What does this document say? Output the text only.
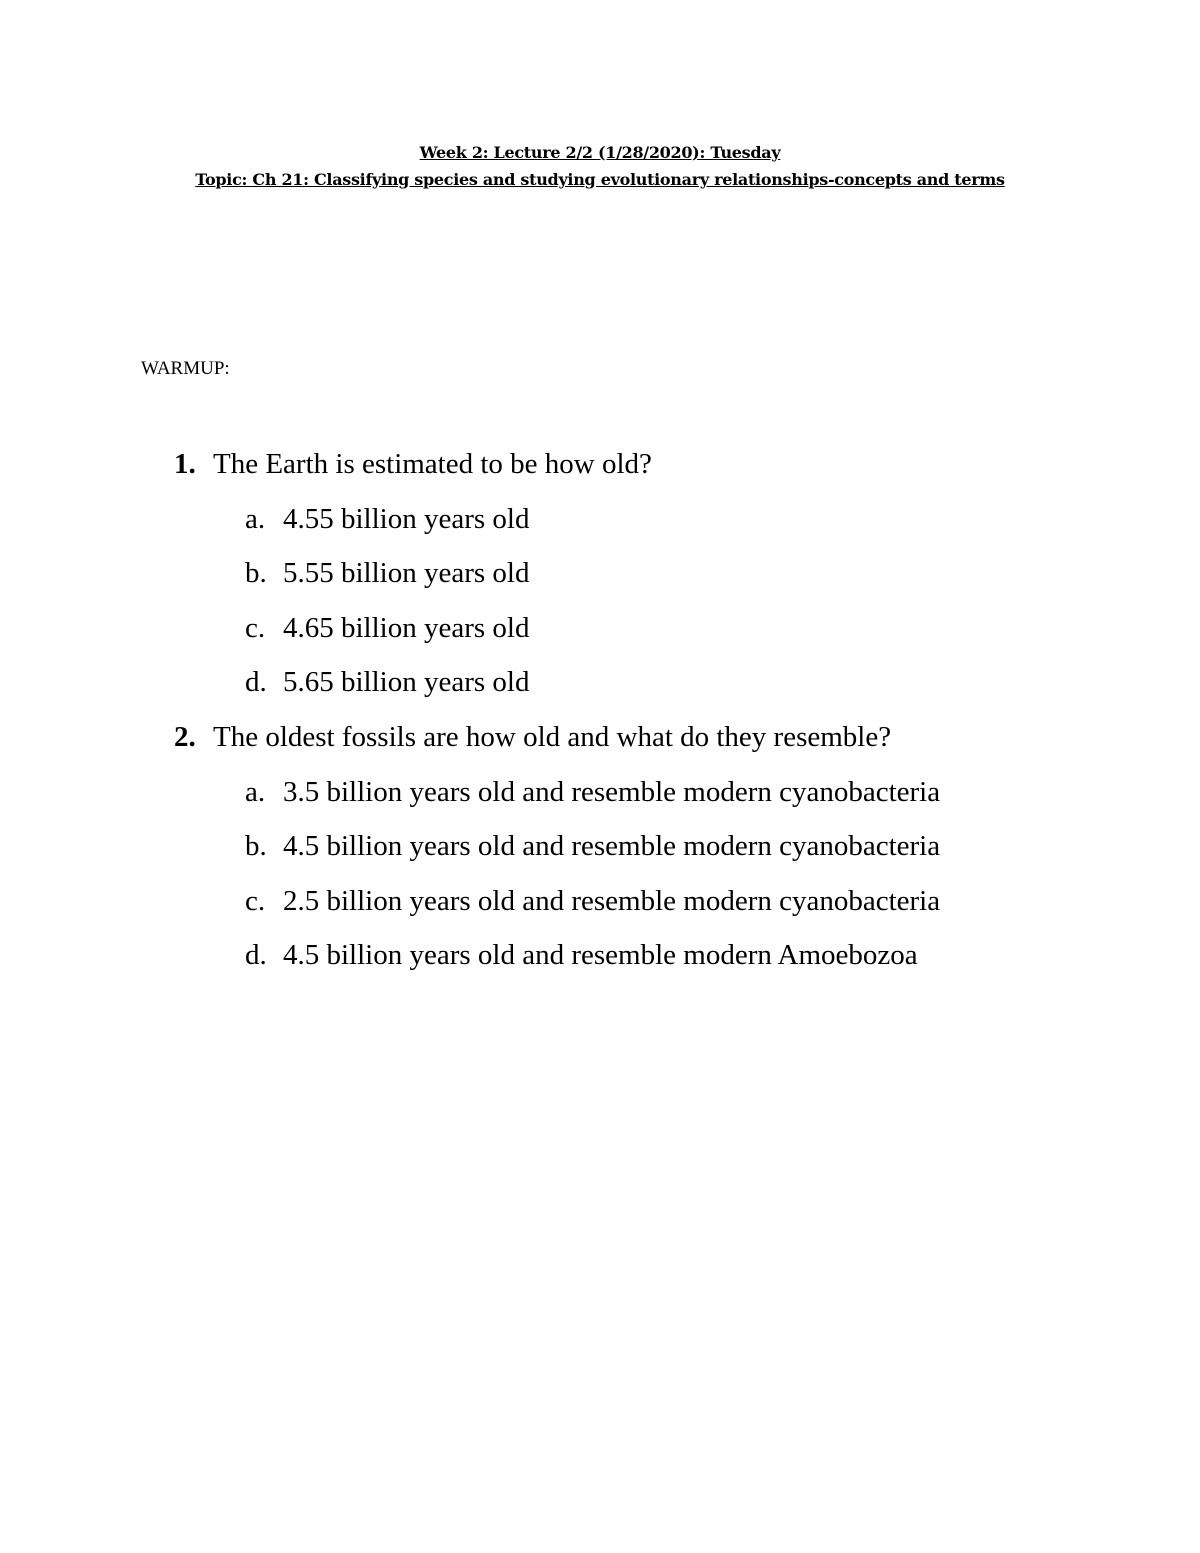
Week 2: Lecture 2/2 (1/28/2020): Tuesday
Topic: Ch 21: Classifying species and studying evolutionary relationships-concepts and terms
WARMUP:
1. The Earth is estimated to be how old?
a. 4.55 billion years old
b. 5.55 billion years old
c. 4.65 billion years old
d. 5.65 billion years old
2. The oldest fossils are how old and what do they resemble?
a. 3.5 billion years old and resemble modern cyanobacteria
b. 4.5 billion years old and resemble modern cyanobacteria
c. 2.5 billion years old and resemble modern cyanobacteria
d. 4.5 billion years old and resemble modern Amoebozoa
